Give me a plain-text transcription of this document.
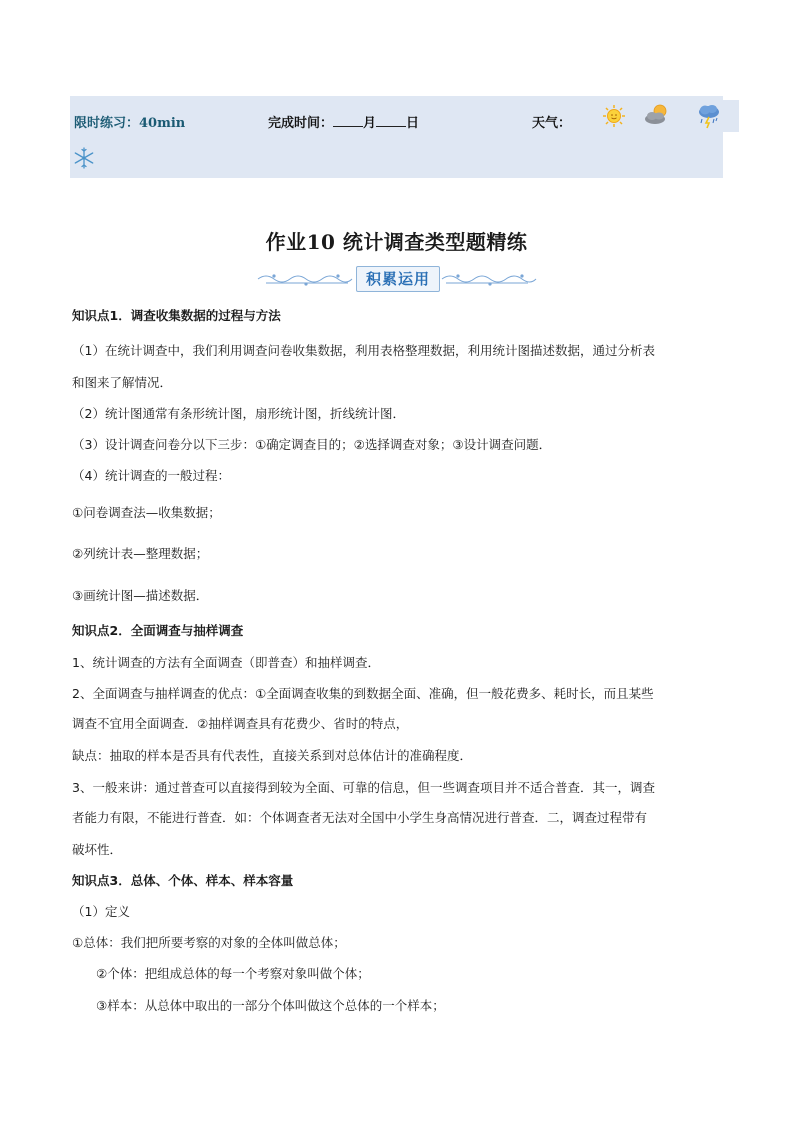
限时练习：40min	完成时间： 月 日	天气：
作业10 统计调查类型题精练
积累运用
知识点1．调查收集数据的过程与方法
（1）在统计调查中，我们利用调查问卷收集数据，利用表格整理数据，利用统计图描述数据，通过分析表
和图来了解情况．
（2）统计图通常有条形统计图，扇形统计图，折线统计图．
（3）设计调查问卷分以下三步：①确定调查目的；②选择调查对象；③设计调查问题．
（4）统计调查的一般过程：
①问卷调查法—收集数据；
②列统计表—整理数据；
③画统计图—描述数据．
知识点2．全面调查与抽样调查
1、统计调查的方法有全面调查（即普查）和抽样调查．
2、全面调查与抽样调查的优点：①全面调查收集的到数据全面、准确，但一般花费多、耗时长，而且某些
调查不宜用全面调查．②抽样调查具有花费少、省时的特点，
缺点：抽取的样本是否具有代表性，直接关系到对总体估计的准确程度．
3、一般来讲：通过普查可以直接得到较为全面、可靠的信息，但一些调查项目并不适合普查．其一，调查
者能力有限，不能进行普查．如：个体调查者无法对全国中小学生身高情况进行普查．二，调查过程带有
破坏性．
知识点3．总体、个体、样本、样本容量
（1）定义
①总体：我们把所要考察的对象的全体叫做总体；
②个体：把组成总体的每一个考察对象叫做个体；
③样本：从总体中取出的一部分个体叫做这个总体的一个样本；
